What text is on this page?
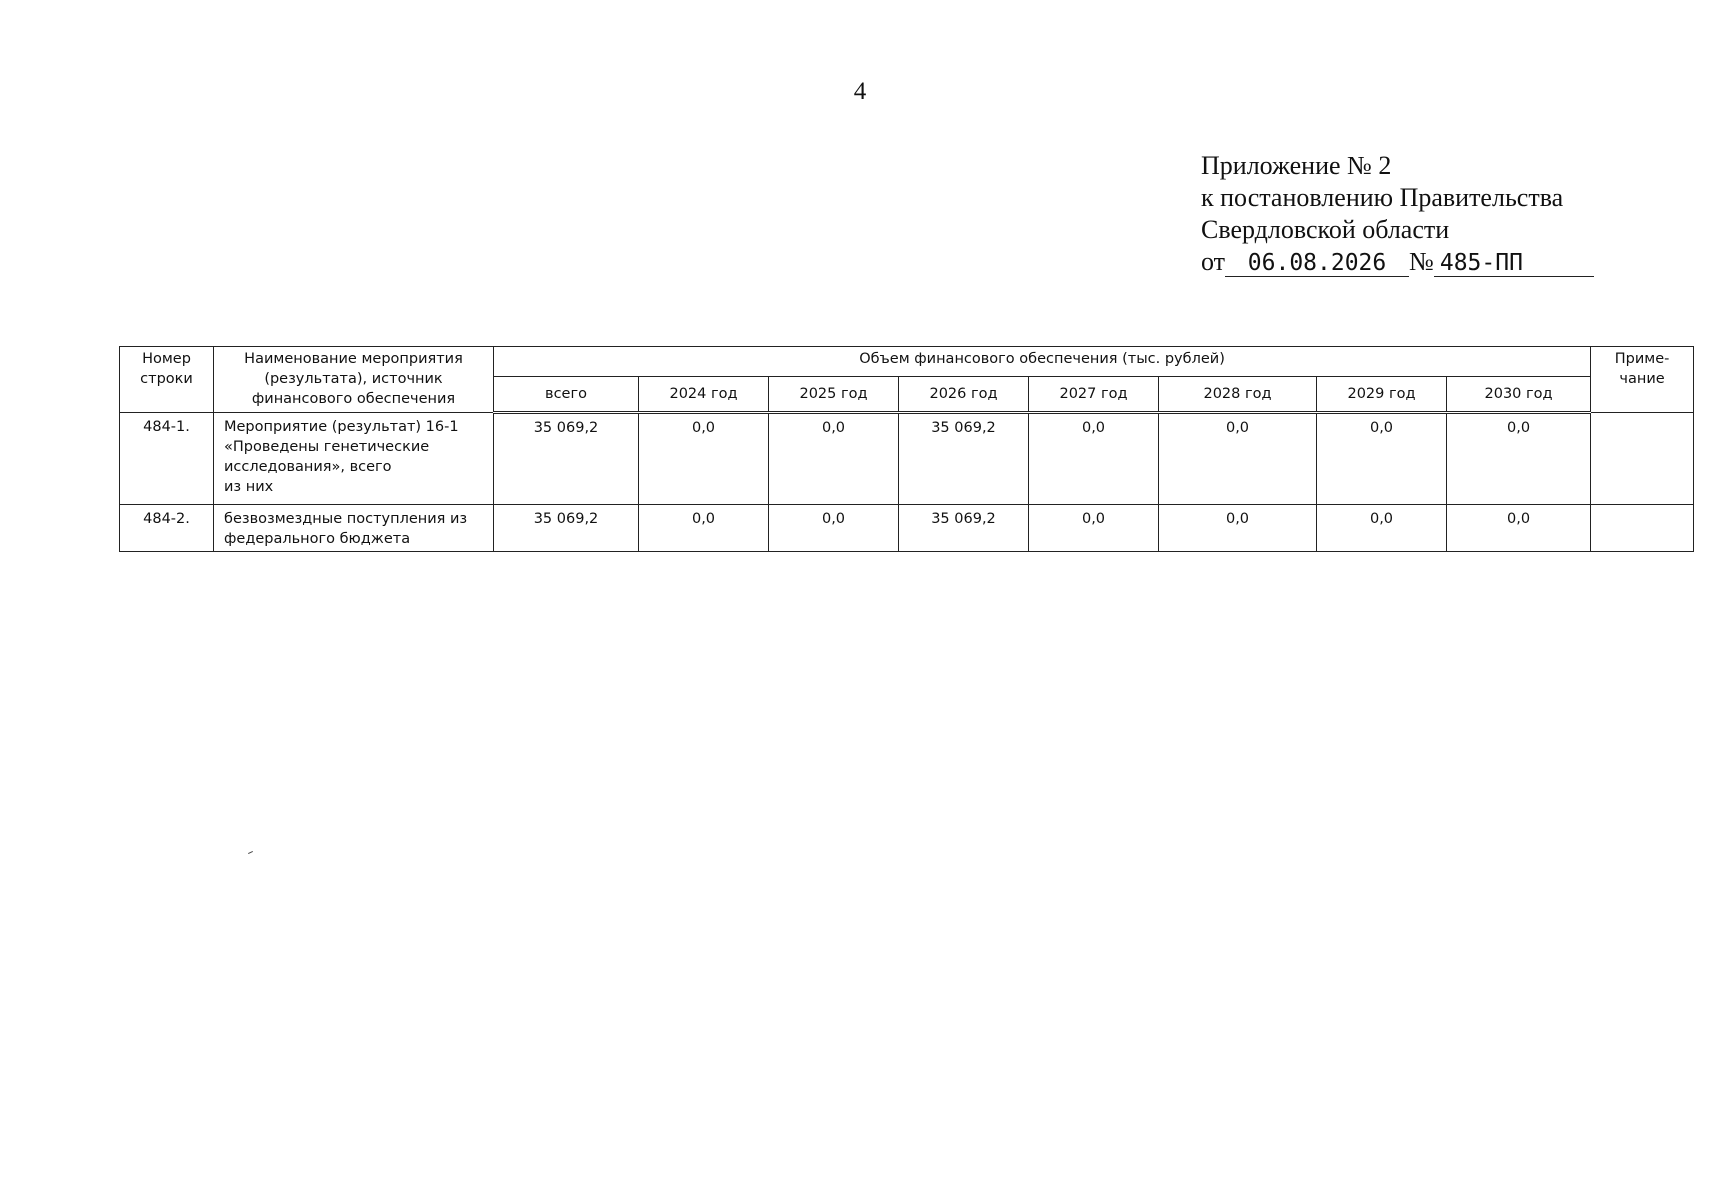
4
Приложение № 2
к постановлению Правительства
Свердловской области
от 06.08.2026 № 485-ПП
Номер строки	Наименование мероприятия (результата), источник финансового обеспечения	Объем финансового обеспечения (тыс. рублей)								Приме-чание
		всего	2024 год	2025 год	2026 год	2027 год	2028 год	2029 год	2030 год	
484-1.	Мероприятие (результат) 16-1
«Проведены генетические
исследования», всего
из них	35 069,2	0,0	0,0	35 069,2	0,0	0,0	0,0	0,0	
484-2.	безвозмездные поступления из
федерального бюджета	35 069,2	0,0	0,0	35 069,2	0,0	0,0	0,0	0,0	
